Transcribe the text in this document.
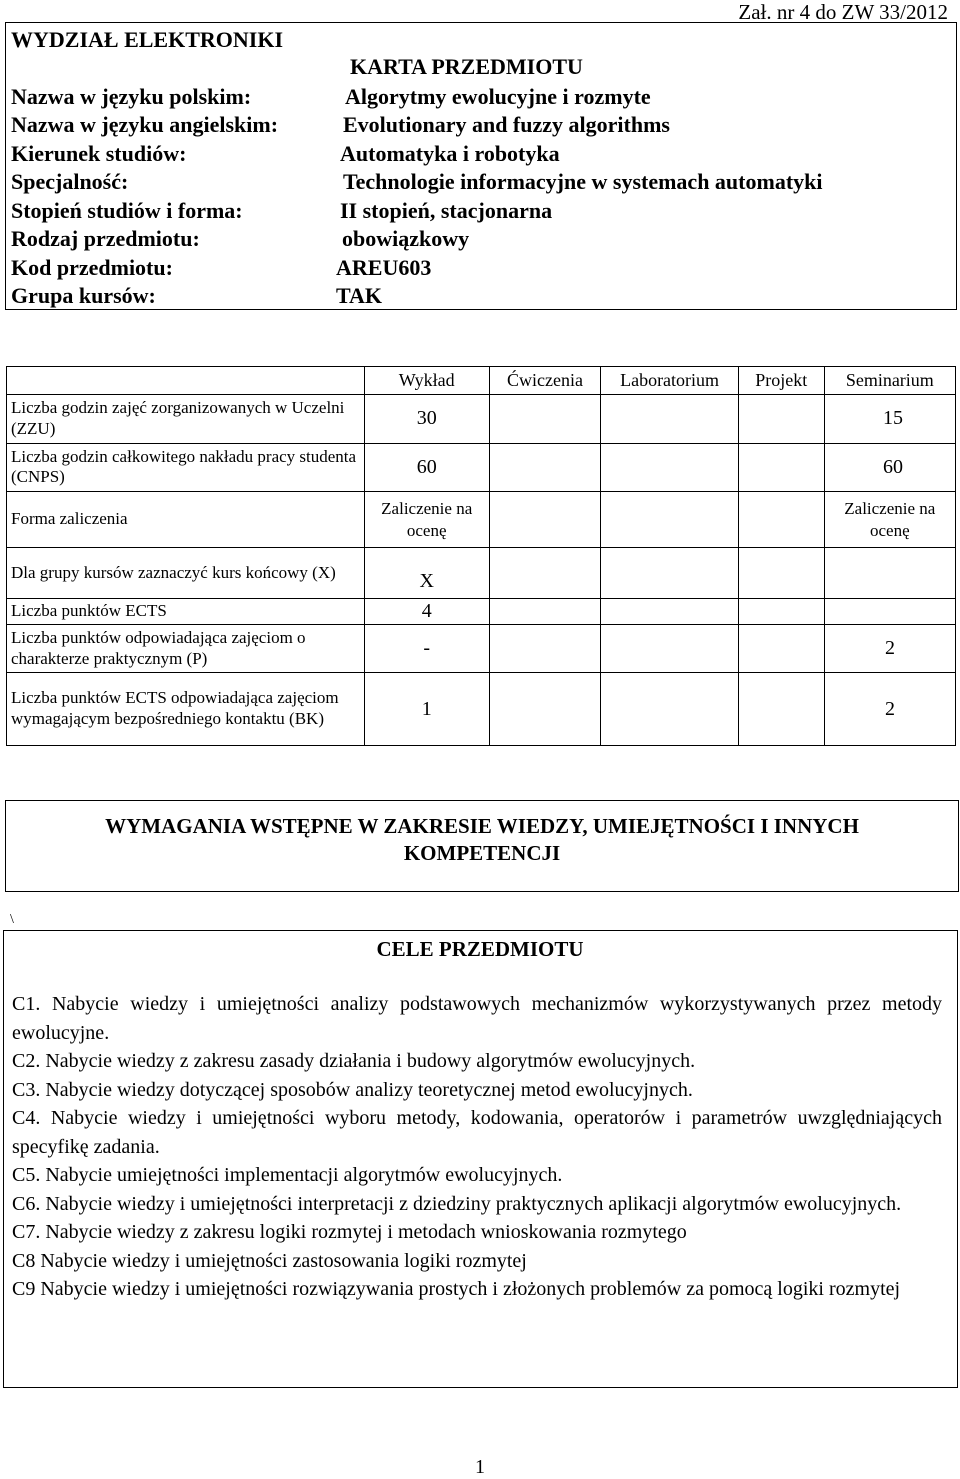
Zał. nr 4 do ZW 33/2012
WYDZIAŁ ELEKTRONIKI
KARTA PRZEDMIOTU
Nazwa w języku polskim:	Algorytmy ewolucyjne i rozmyte
Nazwa w języku angielskim:	Evolutionary and fuzzy algorithms
Kierunek studiów:	Automatyka i robotyka
Specjalność:	Technologie informacyjne w systemach automatyki
Stopień studiów i forma:	II stopień, stacjonarna
Rodzaj przedmiotu:	obowiązkowy
Kod przedmiotu:	AREU603
Grupa kursów:	TAK
	Wykład	Ćwiczenia	Laboratorium	Projekt	Seminarium
Liczba godzin zajęć zorganizowanych w Uczelni (ZZU)	30				15
Liczba godzin całkowitego nakładu pracy studenta (CNPS)	60				60
Forma zaliczenia	Zaliczenie na ocenę				Zaliczenie na ocenę
Dla grupy kursów zaznaczyć kurs końcowy (X)	X				
Liczba punktów ECTS	4				
Liczba punktów odpowiadająca zajęciom o charakterze praktycznym (P)	-				2
Liczba punktów ECTS odpowiadająca zajęciom wymagającym bezpośredniego kontaktu (BK)	1				2
WYMAGANIA WSTĘPNE W ZAKRESIE WIEDZY, UMIEJĘTNOŚCI I INNYCH
KOMPETENCJI
\
CELE PRZEDMIOTU

C1. Nabycie wiedzy i umiejętności analizy podstawowych mechanizmów wykorzystywanych przez metody ewolucyjne.

C2. Nabycie wiedzy z zakresu zasady działania i budowy algorytmów ewolucyjnych.

C3. Nabycie wiedzy dotyczącej sposobów analizy teoretycznej metod ewolucyjnych.

C4. Nabycie wiedzy i umiejętności wyboru metody, kodowania, operatorów i parametrów uwzględniających specyfikę zadania.

C5. Nabycie umiejętności implementacji algorytmów ewolucyjnych.

C6. Nabycie wiedzy i umiejętności interpretacji z dziedziny praktycznych aplikacji algorytmów ewolucyjnych.

C7. Nabycie wiedzy z zakresu logiki rozmytej i metodach wnioskowania rozmytego

C8 Nabycie wiedzy i umiejętności zastosowania logiki rozmytej

C9 Nabycie wiedzy i umiejętności rozwiązywania prostych i złożonych problemów za pomocą logiki rozmytej

1
